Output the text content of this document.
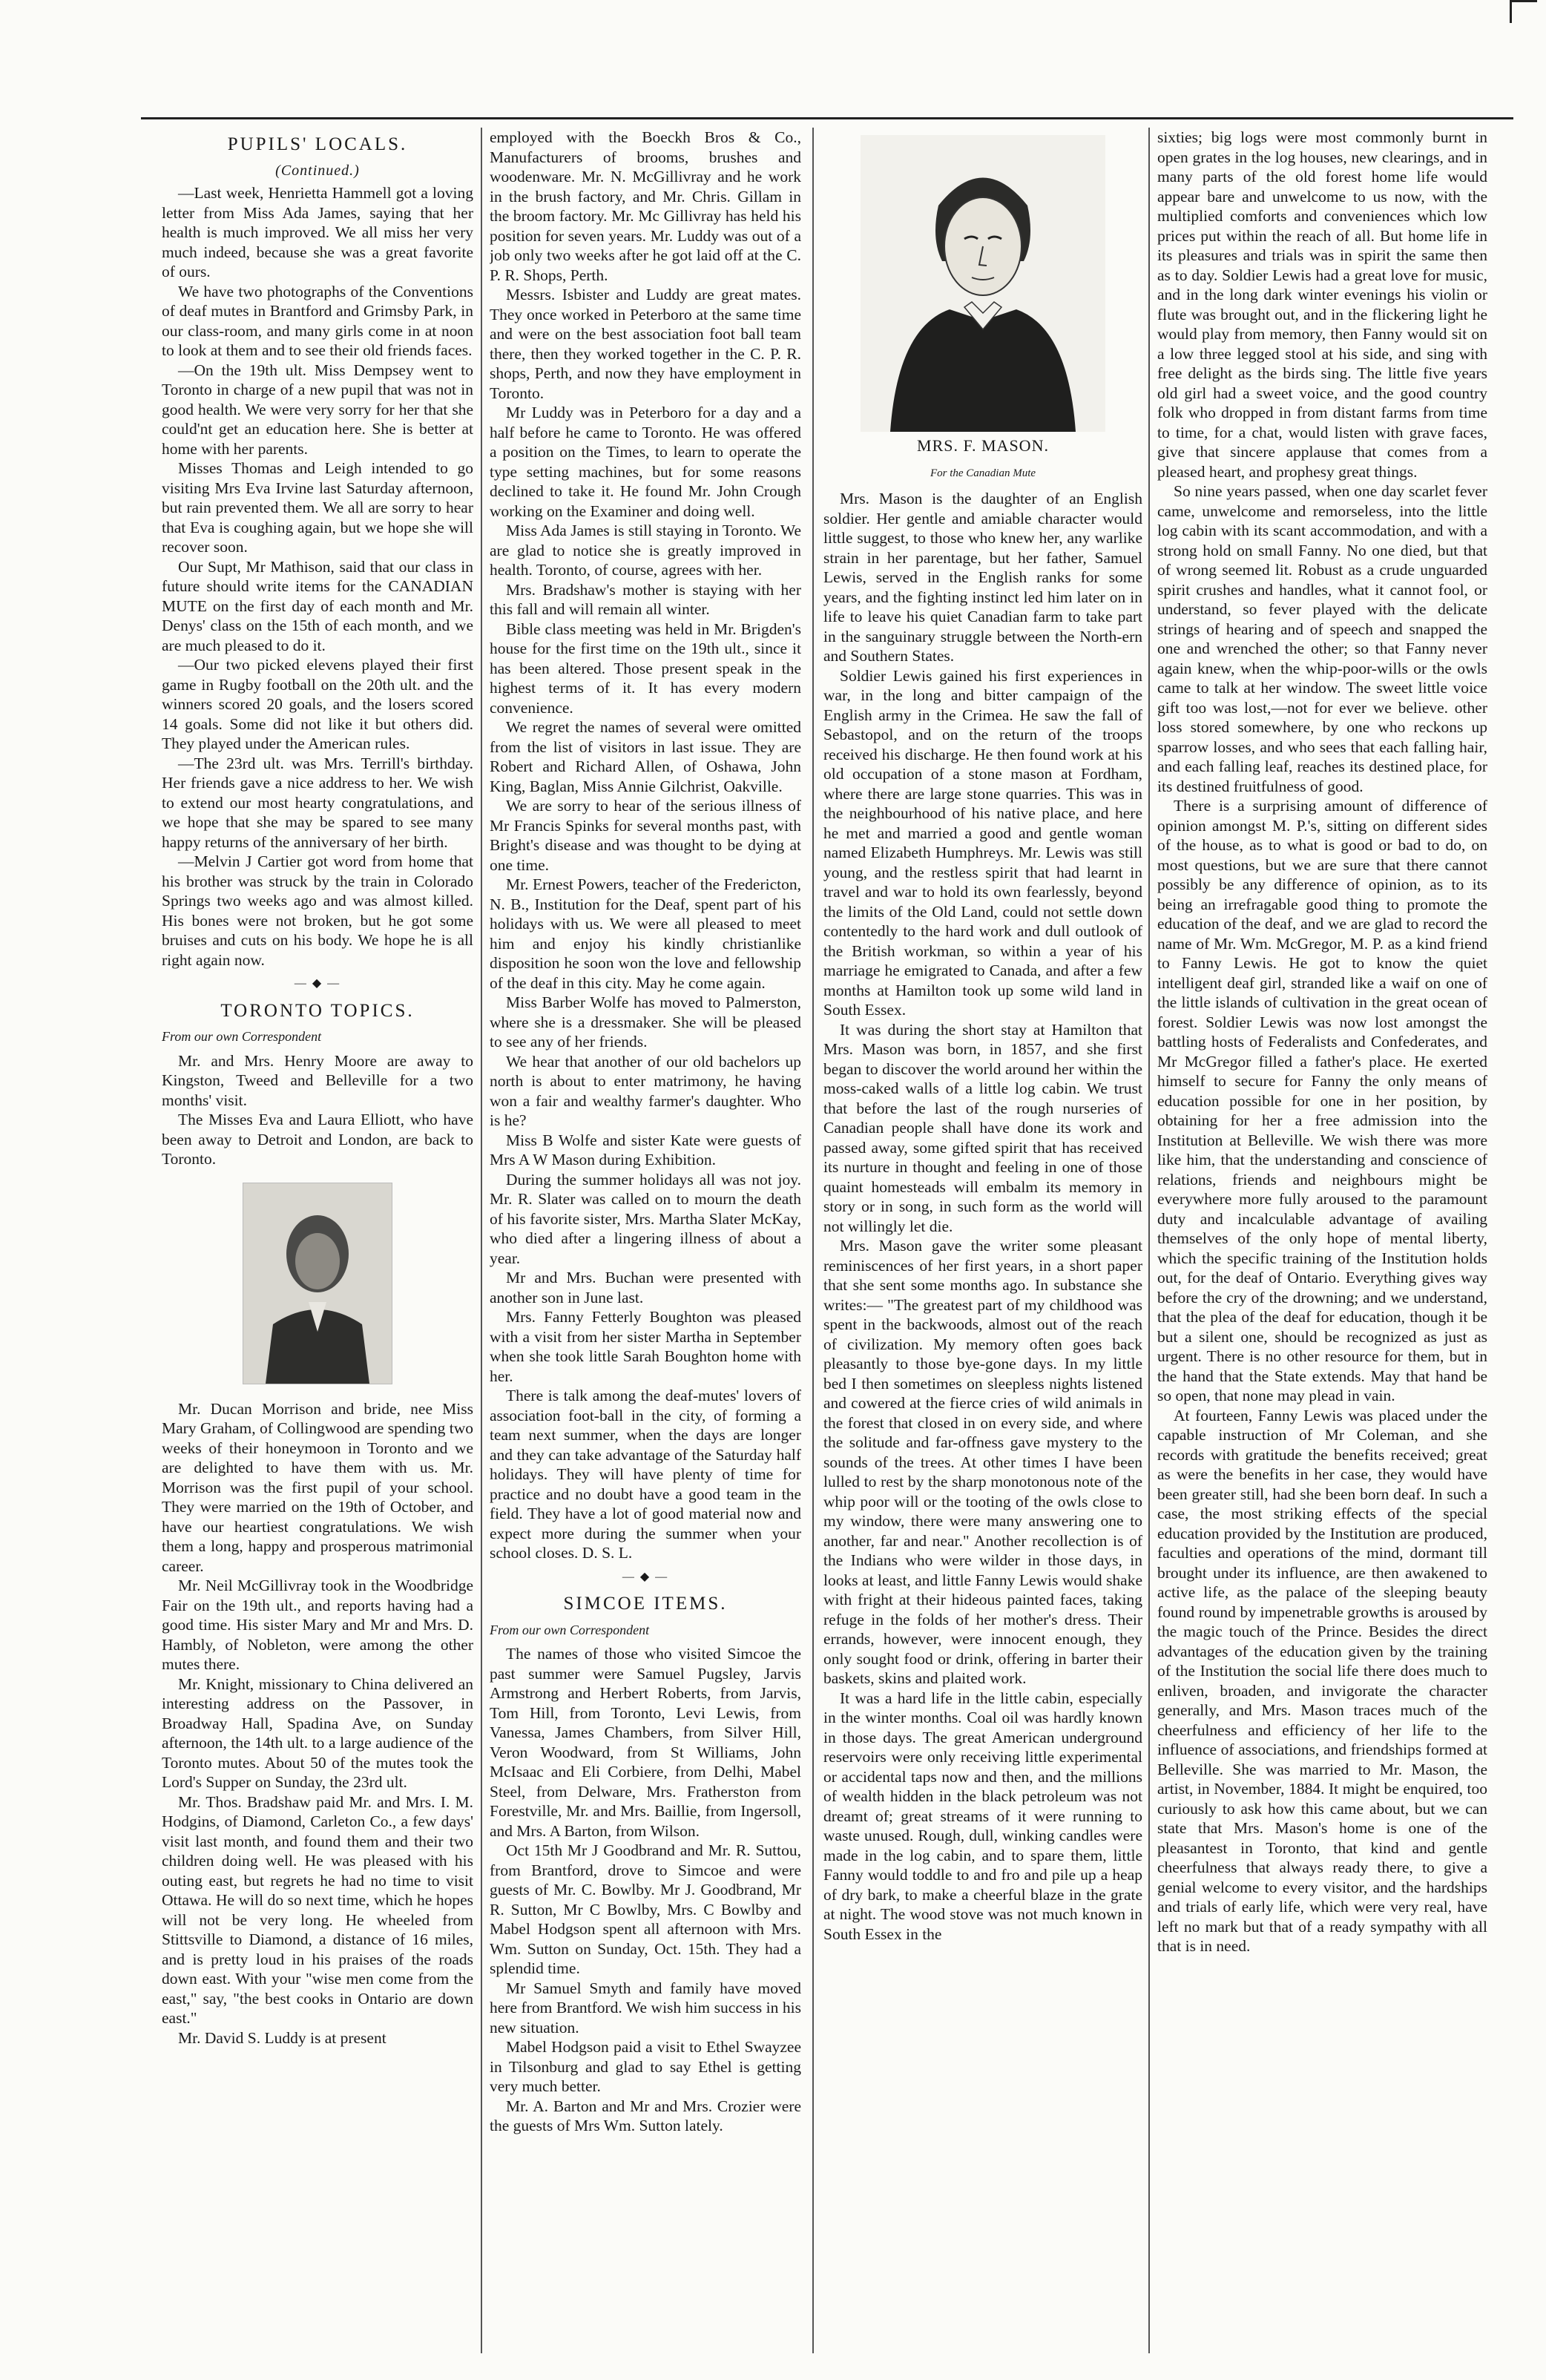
PUPILS' LOCALS.
(Continued.)

—Last week, Henrietta Hammell got a loving letter from Miss Ada James, saying that her health is much improved. We all miss her very much indeed, because she was a great favorite of ours.

We have two photographs of the Conventions of deaf mutes in Brantford and Grimsby Park, in our class-room, and many girls come in at noon to look at them and to see their old friends faces.

—On the 19th ult. Miss Dempsey went to Toronto in charge of a new pupil that was not in good health. We were very sorry for her that she could'nt get an education here. She is better at home with her parents.

Misses Thomas and Leigh intended to go visiting Mrs Eva Irvine last Saturday afternoon, but rain prevented them. We all are sorry to hear that Eva is coughing again, but we hope she will recover soon.

Our Supt, Mr Mathison, said that our class in future should write items for the CANADIAN MUTE on the first day of each month and Mr. Denys' class on the 15th of each month, and we are much pleased to do it.

—Our two picked elevens played their first game in Rugby football on the 20th ult. and the winners scored 20 goals, and the losers scored 14 goals. Some did not like it but others did. They played under the American rules.

—The 23rd ult. was Mrs. Terrill's birthday. Her friends gave a nice address to her. We wish to extend our most hearty congratulations, and we hope that she may be spared to see many happy returns of the anniversary of her birth.

—Melvin J Cartier got word from home that his brother was struck by the train in Colorado Springs two weeks ago and was almost killed. His bones were not broken, but he got some bruises and cuts on his body. We hope he is all right again now.

— ◆ —
TORONTO TOPICS.
From our own Correspondent

Mr. and Mrs. Henry Moore are away to Kingston, Tweed and Belleville for a two months' visit.

The Misses Eva and Laura Elliott, who have been away to Detroit and London, are back to Toronto.

Mr. Ducan Morrison and bride, nee Miss Mary Graham, of Collingwood are spending two weeks of their honeymoon in Toronto and we are delighted to have them with us. Mr. Morrison was the first pupil of your school. They were married on the 19th of October, and have our heartiest congratulations. We wish them a long, happy and prosperous matrimonial career.

Mr. Neil McGillivray took in the Woodbridge Fair on the 19th ult., and reports having had a good time. His sister Mary and Mr and Mrs. D. Hambly, of Nobleton, were among the other mutes there.

Mr. Knight, missionary to China delivered an interesting address on the Passover, in Broadway Hall, Spadina Ave, on Sunday afternoon, the 14th ult. to a large audience of the Toronto mutes. About 50 of the mutes took the Lord's Supper on Sunday, the 23rd ult.

Mr. Thos. Bradshaw paid Mr. and Mrs. I. M. Hodgins, of Diamond, Carleton Co., a few days' visit last month, and found them and their two children doing well. He was pleased with his outing east, but regrets he had no time to visit Ottawa. He will do so next time, which he hopes will not be very long. He wheeled from Stittsville to Diamond, a distance of 16 miles, and is pretty loud in his praises of the roads down east. With your "wise men come from the east," say, "the best cooks in Ontario are down east."

Mr. David S. Luddy is at present

employed with the Boeckh Bros & Co., Manufacturers of brooms, brushes and woodenware. Mr. N. McGillivray and he work in the brush factory, and Mr. Chris. Gillam in the broom factory. Mr. Mc Gillivray has held his position for seven years. Mr. Luddy was out of a job only two weeks after he got laid off at the C. P. R. Shops, Perth.

Messrs. Isbister and Luddy are great mates. They once worked in Peterboro at the same time and were on the best association foot ball team there, then they worked together in the C. P. R. shops, Perth, and now they have employment in Toronto.

Mr Luddy was in Peterboro for a day and a half before he came to Toronto. He was offered a position on the Times, to learn to operate the type setting machines, but for some reasons declined to take it. He found Mr. John Crough working on the Examiner and doing well.

Miss Ada James is still staying in Toronto. We are glad to notice she is greatly improved in health. Toronto, of course, agrees with her.

Mrs. Bradshaw's mother is staying with her this fall and will remain all winter.

Bible class meeting was held in Mr. Brigden's house for the first time on the 19th ult., since it has been altered. Those present speak in the highest terms of it. It has every modern convenience.

We regret the names of several were omitted from the list of visitors in last issue. They are Robert and Richard Allen, of Oshawa, John King, Baglan, Miss Annie Gilchrist, Oakville.

We are sorry to hear of the serious illness of Mr Francis Spinks for several months past, with Bright's disease and was thought to be dying at one time.

Mr. Ernest Powers, teacher of the Fredericton, N. B., Institution for the Deaf, spent part of his holidays with us. We were all pleased to meet him and enjoy his kindly christianlike disposition he soon won the love and fellowship of the deaf in this city. May he come again.

Miss Barber Wolfe has moved to Palmerston, where she is a dressmaker. She will be pleased to see any of her friends.

We hear that another of our old bachelors up north is about to enter matrimony, he having won a fair and wealthy farmer's daughter. Who is he?

Miss B Wolfe and sister Kate were guests of Mrs A W Mason during Exhibition.

During the summer holidays all was not joy. Mr. R. Slater was called on to mourn the death of his favorite sister, Mrs. Martha Slater McKay, who died after a lingering illness of about a year.

Mr and Mrs. Buchan were presented with another son in June last.

Mrs. Fanny Fetterly Boughton was pleased with a visit from her sister Martha in September when she took little Sarah Boughton home with her.

There is talk among the deaf-mutes' lovers of association foot-ball in the city, of forming a team next summer, when the days are longer and they can take advantage of the Saturday half holidays. They will have plenty of time for practice and no doubt have a good team in the field. They have a lot of good material now and expect more during the summer when your school closes. D. S. L.

— ◆ —
SIMCOE ITEMS.
From our own Correspondent

The names of those who visited Simcoe the past summer were Samuel Pugsley, Jarvis Armstrong and Herbert Roberts, from Jarvis, Tom Hill, from Toronto, Levi Lewis, from Vanessa, James Chambers, from Silver Hill, Veron Woodward, from St Williams, John McIsaac and Eli Corbiere, from Delhi, Mabel Steel, from Delware, Mrs. Fratherston from Forestville, Mr. and Mrs. Baillie, from Ingersoll, and Mrs. A Barton, from Wilson.

Oct 15th Mr J Goodbrand and Mr. R. Suttou, from Brantford, drove to Simcoe and were guests of Mr. C. Bowlby. Mr J. Goodbrand, Mr R. Sutton, Mr C Bowlby, Mrs. C Bowlby and Mabel Hodgson spent all afternoon with Mrs. Wm. Sutton on Sunday, Oct. 15th. They had a splendid time.

Mr Samuel Smyth and family have moved here from Brantford. We wish him success in his new situation.

Mabel Hodgson paid a visit to Ethel Swayzee in Tilsonburg and glad to say Ethel is getting very much better.

Mr. A. Barton and Mr and Mrs. Crozier were the guests of Mrs Wm. Sutton lately.

MRS. F. MASON.
For the Canadian Mute

Mrs. Mason is the daughter of an English soldier. Her gentle and amiable character would little suggest, to those who knew her, any warlike strain in her parentage, but her father, Samuel Lewis, served in the English ranks for some years, and the fighting instinct led him later on in life to leave his quiet Canadian farm to take part in the sanguinary struggle between the North-ern and Southern States.

Soldier Lewis gained his first experiences in war, in the long and bitter campaign of the English army in the Crimea. He saw the fall of Sebastopol, and on the return of the troops received his discharge. He then found work at his old occupation of a stone mason at Fordham, where there are large stone quarries. This was in the neighbourhood of his native place, and here he met and married a good and gentle woman named Elizabeth Humphreys. Mr. Lewis was still young, and the restless spirit that had learnt in travel and war to hold its own fearlessly, beyond the limits of the Old Land, could not settle down contentedly to the hard work and dull outlook of the British workman, so within a year of his marriage he emigrated to Canada, and after a few months at Hamilton took up some wild land in South Essex.

It was during the short stay at Hamilton that Mrs. Mason was born, in 1857, and she first began to discover the world around her within the moss-caked walls of a little log cabin. We trust that before the last of the rough nurseries of Canadian people shall have done its work and passed away, some gifted spirit that has received its nurture in thought and feeling in one of those quaint homesteads will embalm its memory in story or in song, in such form as the world will not willingly let die.

Mrs. Mason gave the writer some pleasant reminiscences of her first years, in a short paper that she sent some months ago. In substance she writes:— "The greatest part of my childhood was spent in the backwoods, almost out of the reach of civilization. My memory often goes back pleasantly to those bye-gone days. In my little bed I then sometimes on sleepless nights listened and cowered at the fierce cries of wild animals in the forest that closed in on every side, and where the solitude and far-offness gave mystery to the sounds of the trees. At other times I have been lulled to rest by the sharp monotonous note of the whip poor will or the tooting of the owls close to my window, there were many answering one to another, far and near." Another recollection is of the Indians who were wilder in those days, in looks at least, and little Fanny Lewis would shake with fright at their hideous painted faces, taking refuge in the folds of her mother's dress. Their errands, however, were innocent enough, they only sought food or drink, offering in barter their baskets, skins and plaited work.

It was a hard life in the little cabin, especially in the winter months. Coal oil was hardly known in those days. The great American underground reservoirs were only receiving little experimental or accidental taps now and then, and the millions of wealth hidden in the black petroleum was not dreamt of; great streams of it were running to waste unused. Rough, dull, winking candles were made in the log cabin, and to spare them, little Fanny would toddle to and fro and pile up a heap of dry bark, to make a cheerful blaze in the grate at night. The wood stove was not much known in South Essex in the

sixties; big logs were most commonly burnt in open grates in the log houses, new clearings, and in many parts of the old forest home life would appear bare and unwelcome to us now, with the multiplied comforts and conveniences which low prices put within the reach of all. But home life in its pleasures and trials was in spirit the same then as to day. Soldier Lewis had a great love for music, and in the long dark winter evenings his violin or flute was brought out, and in the flickering light he would play from memory, then Fanny would sit on a low three legged stool at his side, and sing with free delight as the birds sing. The little five years old girl had a sweet voice, and the good country folk who dropped in from distant farms from time to time, for a chat, would listen with grave faces, give that sincere applause that comes from a pleased heart, and prophesy great things.

So nine years passed, when one day scarlet fever came, unwelcome and remorseless, into the little log cabin with its scant accommodation, and with a strong hold on small Fanny. No one died, but that of wrong seemed lit. Robust as a crude unguarded spirit crushes and handles, what it cannot fool, or understand, so fever played with the delicate strings of hearing and of speech and snapped the one and wrenched the other; so that Fanny never again knew, when the whip-poor-wills or the owls came to talk at her window. The sweet little voice gift too was lost,—not for ever we believe. other loss stored somewhere, by one who reckons up sparrow losses, and who sees that each falling hair, and each falling leaf, reaches its destined place, for its destined fruitfulness of good.

There is a surprising amount of difference of opinion amongst M. P.'s, sitting on different sides of the house, as to what is good or bad to do, on most questions, but we are sure that there cannot possibly be any difference of opinion, as to its being an irrefragable good thing to promote the education of the deaf, and we are glad to record the name of Mr. Wm. McGregor, M. P. as a kind friend to Fanny Lewis. He got to know the quiet intelligent deaf girl, stranded like a waif on one of the little islands of cultivation in the great ocean of forest. Soldier Lewis was now lost amongst the battling hosts of Federalists and Confederates, and Mr McGregor filled a father's place. He exerted himself to secure for Fanny the only means of education possible for one in her position, by obtaining for her a free admission into the Institution at Belleville. We wish there was more like him, that the understanding and conscience of relations, friends and neighbours might be everywhere more fully aroused to the paramount duty and incalculable advantage of availing themselves of the only hope of mental liberty, which the specific training of the Institution holds out, for the deaf of Ontario. Everything gives way before the cry of the drowning; and we understand, that the plea of the deaf for education, though it be but a silent one, should be recognized as just as urgent. There is no other resource for them, but in the hand that the State extends. May that hand be so open, that none may plead in vain.

At fourteen, Fanny Lewis was placed under the capable instruction of Mr Coleman, and she records with gratitude the benefits received; great as were the benefits in her case, they would have been greater still, had she been born deaf. In such a case, the most striking effects of the special education provided by the Institution are produced, faculties and operations of the mind, dormant till brought under its influence, are then awakened to active life, as the palace of the sleeping beauty found round by impenetrable growths is aroused by the magic touch of the Prince. Besides the direct advantages of the education given by the training of the Institution the social life there does much to enliven, broaden, and invigorate the character generally, and Mrs. Mason traces much of the cheerfulness and efficiency of her life to the influence of associations, and friendships formed at Belleville. She was married to Mr. Mason, the artist, in November, 1884. It might be enquired, too curiously to ask how this came about, but we can state that Mrs. Mason's home is one of the pleasantest in Toronto, that kind and gentle cheerfulness that always ready there, to give a genial welcome to every visitor, and the hardships and trials of early life, which were very real, have left no mark but that of a ready sympathy with all that is in need.
